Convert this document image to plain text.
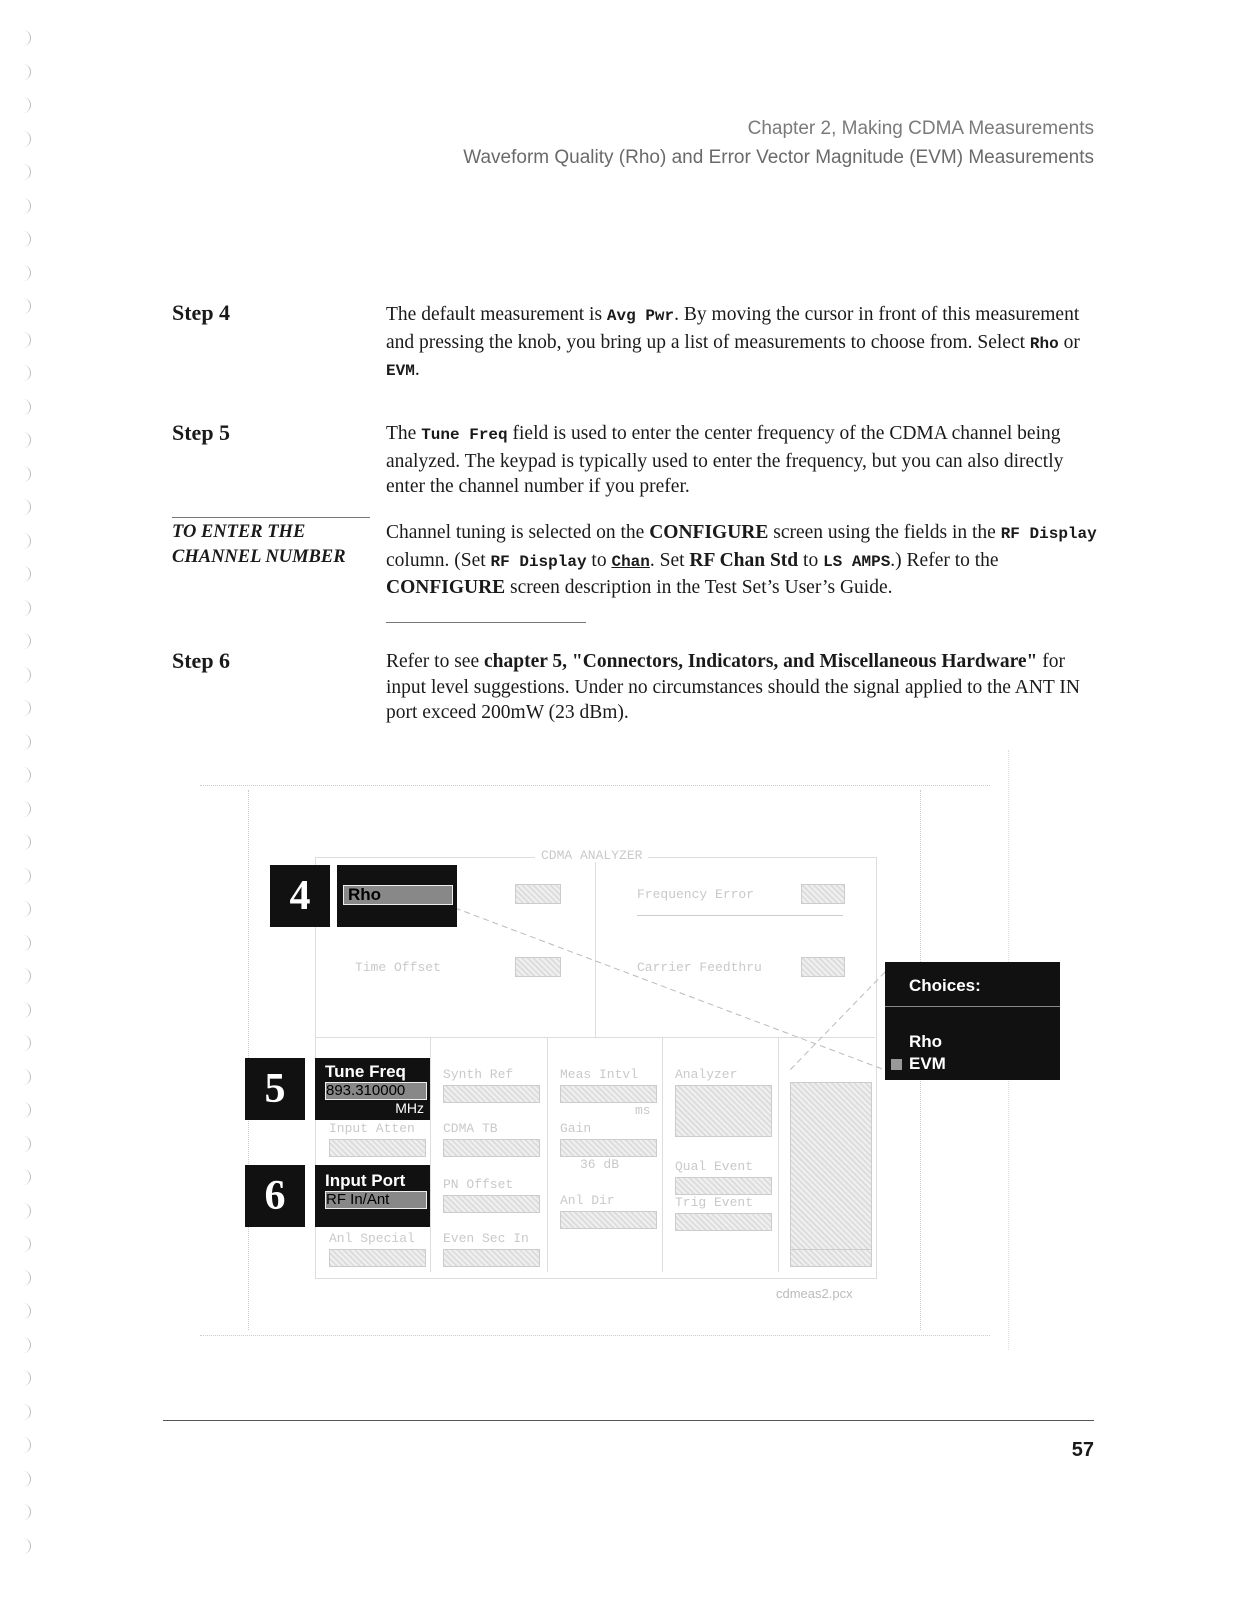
Chapter 2, Making CDMA Measurements
Waveform Quality (Rho) and Error Vector Magnitude (EVM) Measurements
Step 4	The default measurement is Avg Pwr. By moving the cursor in front of this measurement and pressing the knob, you bring up a list of measurements to choose from. Select Rho or EVM.
Step 5	The Tune Freq field is used to enter the center frequency of the CDMA channel being analyzed. The keypad is typically used to enter the frequency, but you can also directly enter the channel number if you prefer.
TO ENTER THE CHANNEL NUMBER
Channel tuning is selected on the CONFIGURE screen using the fields in the RF Display column. (Set RF Display to Chan. Set RF Chan Std to LS AMPS.) Refer to the CONFIGURE screen description in the Test Set’s User’s Guide.
Step 6	Refer to see chapter 5, "Connectors, Indicators, and Miscellaneous Hardware" for input level suggestions. Under no circumstances should the signal applied to the ANT IN port exceed 200mW (23 dBm).
CDMA ANALYZER
Frequency Error
Time Offset	Carrier Feedthru
Synth Ref	Meas Intvl
ms
Analyzer
Input Atten CDMA TB	Gain
36 dB	Qual Event
PN Offset
Anl Dir	Trig Event
Anl Special Even Sec In
4	Rho
5	Tune Freq
893.310000
MHz
6	Input Port
RF In/Ant
Choices:
Rho
EVM
cdmeas2.pcx
57
